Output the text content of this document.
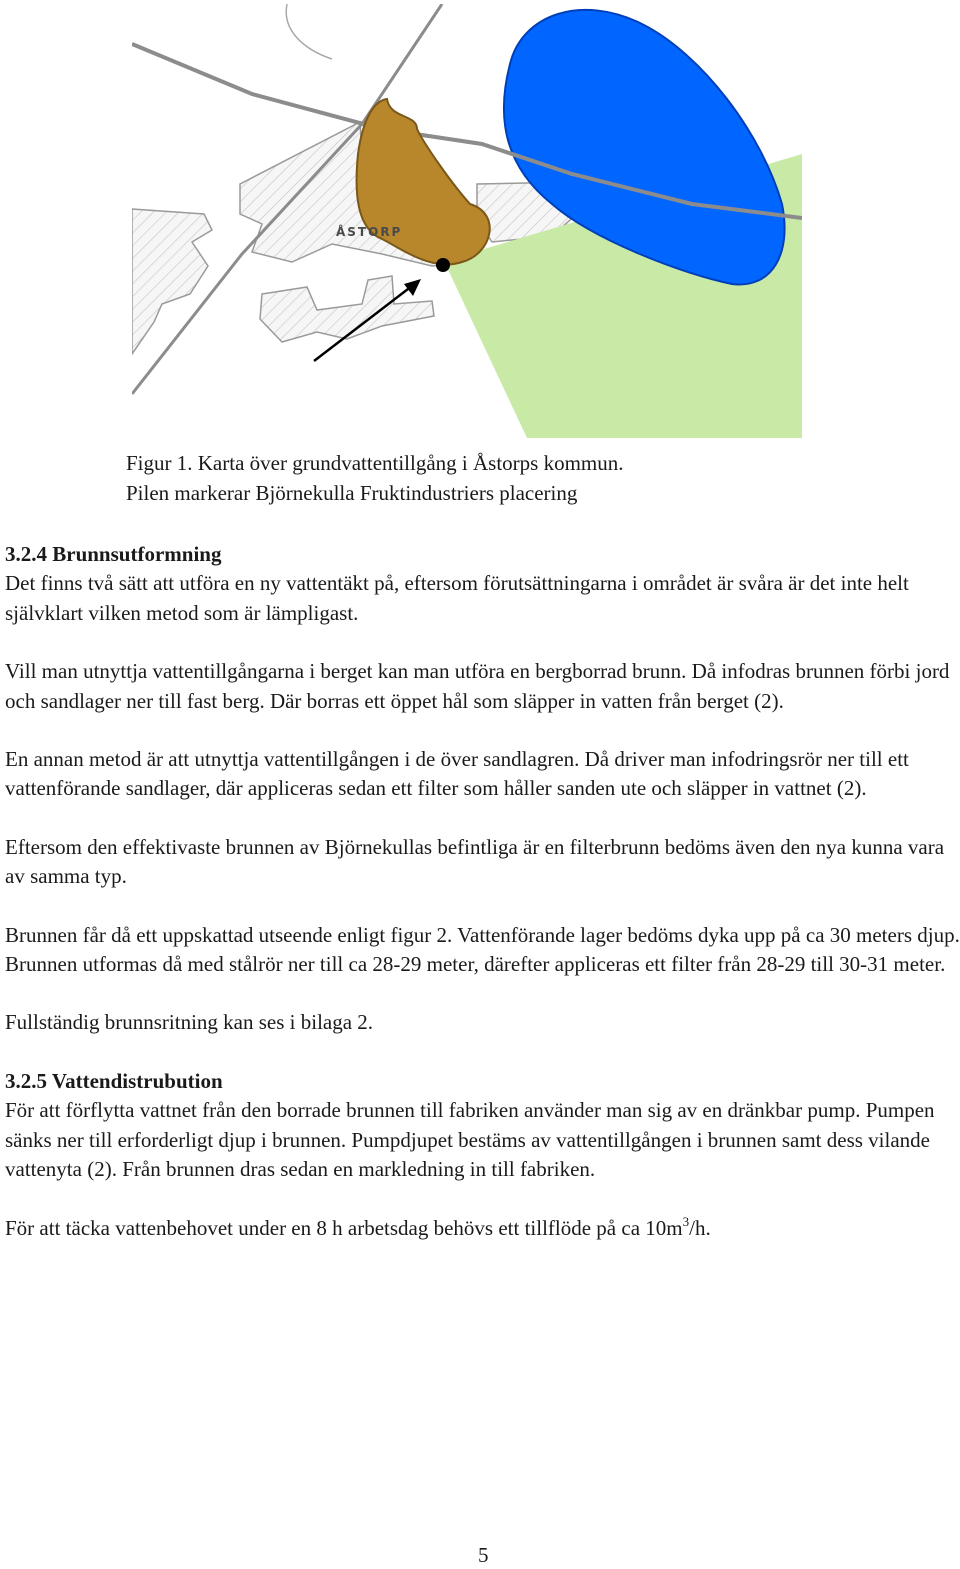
ÅSTORP
Figur 1. Karta över grundvattentillgång i Åstorps kommun.
Pilen markerar Björnekulla Fruktindustriers placering

3.2.4 Brunnsutformning

Det finns två sätt att utföra en ny vattentäkt på, eftersom förutsättningarna i området är svåra är det inte helt självklart vilken metod som är lämpligast.

Vill man utnyttja vattentillgångarna i berget kan man utföra en bergborrad brunn. Då infodras brunnen förbi jord och sandlager ner till fast berg. Där borras ett öppet hål som släpper in vatten från berget (2).

En annan metod är att utnyttja vattentillgången i de över sandlagren. Då driver man infodringsrör ner till ett vattenförande sandlager, där appliceras sedan ett filter som håller sanden ute och släpper in vattnet (2).

Eftersom den effektivaste brunnen av Björnekullas befintliga är en filterbrunn bedöms även den nya kunna vara av samma typ.

Brunnen får då ett uppskattad utseende enligt figur 2. Vattenförande lager bedöms dyka upp på ca 30 meters djup. Brunnen utformas då med stålrör ner till ca 28-29 meter, därefter appliceras ett filter från 28-29 till 30-31 meter.

Fullständig brunnsritning kan ses i bilaga 2.

3.2.5 Vattendistrubution

För att förflytta vattnet från den borrade brunnen till fabriken använder man sig av en dränkbar pump. Pumpen sänks ner till erforderligt djup i brunnen. Pumpdjupet bestäms av vattentillgången i brunnen samt dess vilande vattenyta (2). Från brunnen dras sedan en markledning in till fabriken.

För att täcka vattenbehovet under en 8 h arbetsdag behövs ett tillflöde på ca $10m^3/h$.

5
